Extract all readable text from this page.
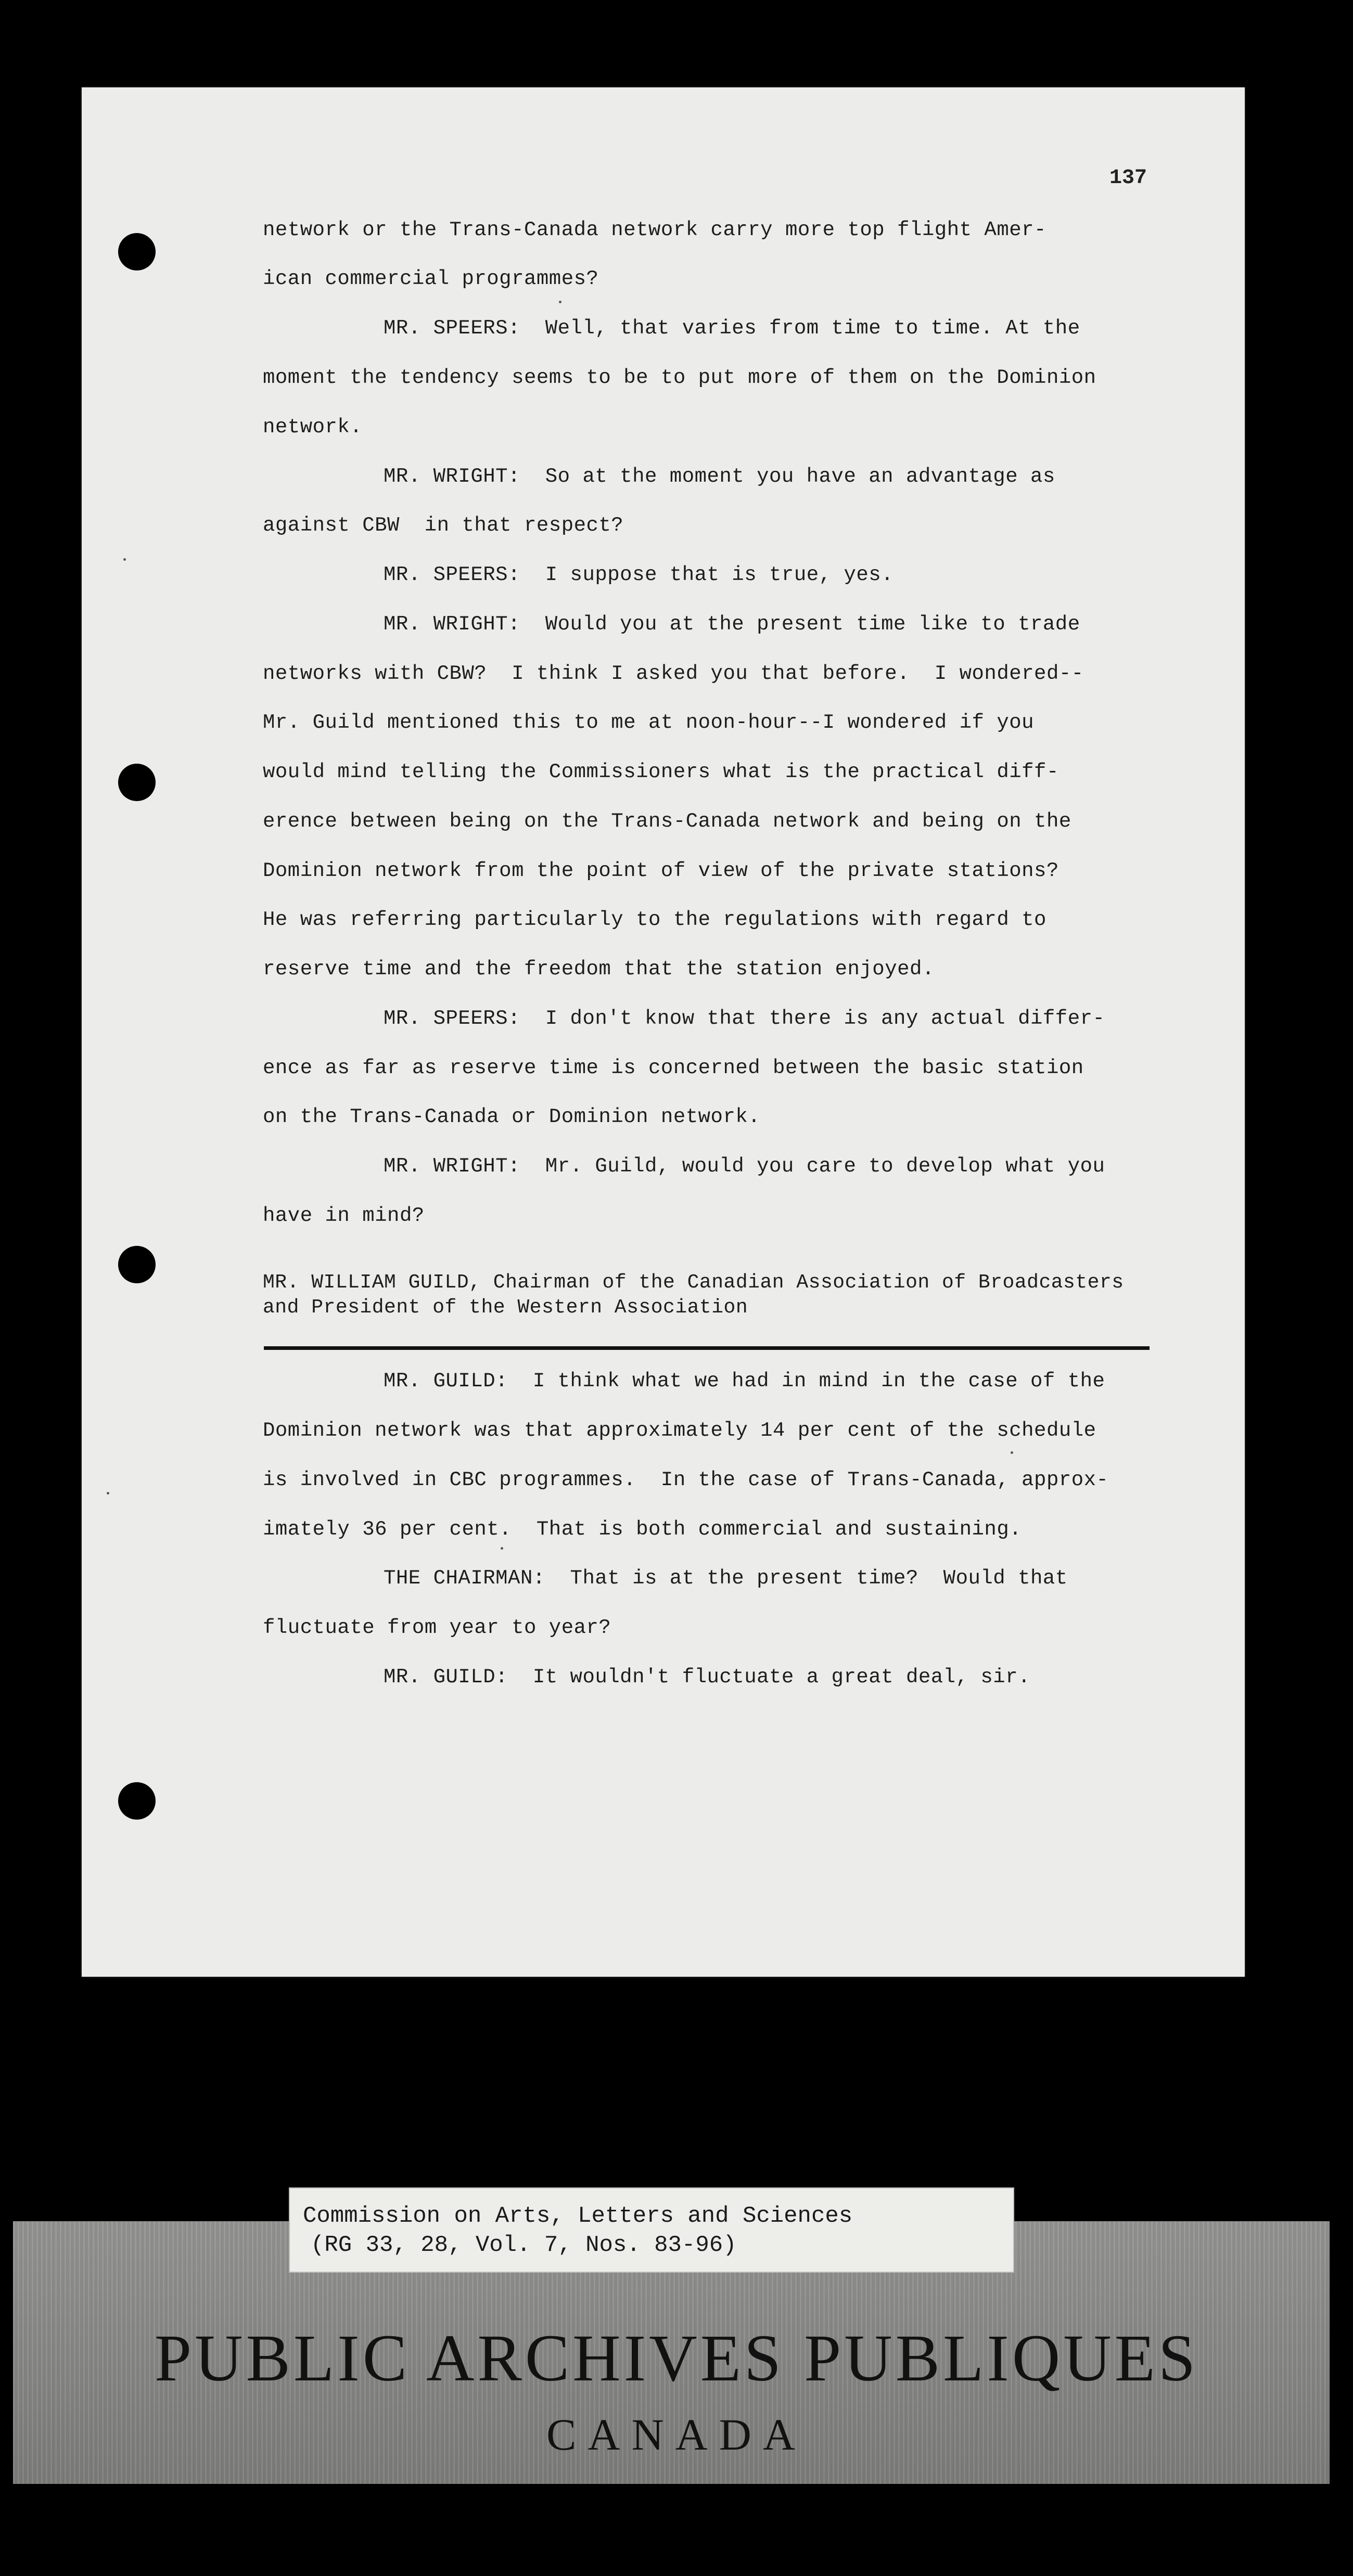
137
network or the Trans-Canada network carry more top flight Amer-
ican commercial programmes?
MR. SPEERS:  Well, that varies from time to time. At the
moment the tendency seems to be to put more of them on the Dominion
network.
MR. WRIGHT:  So at the moment you have an advantage as
against CBW  in that respect?
MR. SPEERS:  I suppose that is true, yes.
MR. WRIGHT:  Would you at the present time like to trade
networks with CBW?  I think I asked you that before.  I wondered--
Mr. Guild mentioned this to me at noon-hour--I wondered if you
would mind telling the Commissioners what is the practical diff-
erence between being on the Trans-Canada network and being on the
Dominion network from the point of view of the private stations?
He was referring particularly to the regulations with regard to
reserve time and the freedom that the station enjoyed.
MR. SPEERS:  I don't know that there is any actual differ-
ence as far as reserve time is concerned between the basic station
on the Trans-Canada or Dominion network.
MR. WRIGHT:  Mr. Guild, would you care to develop what you
have in mind?
MR. WILLIAM GUILD, Chairman of the Canadian Association of Broadcasters
and President of the Western Association
MR. GUILD:  I think what we had in mind in the case of the
Dominion network was that approximately 14 per cent of the schedule
is involved in CBC programmes.  In the case of Trans-Canada, approx-
imately 36 per cent.  That is both commercial and sustaining.
THE CHAIRMAN:  That is at the present time?  Would that
fluctuate from year to year?
MR. GUILD:  It wouldn't fluctuate a great deal, sir.
Commission on Arts, Letters and Sciences
(RG 33, 28, Vol. 7, Nos. 83-96)
PUBLIC ARCHIVES PUBLIQUES
CANADA
